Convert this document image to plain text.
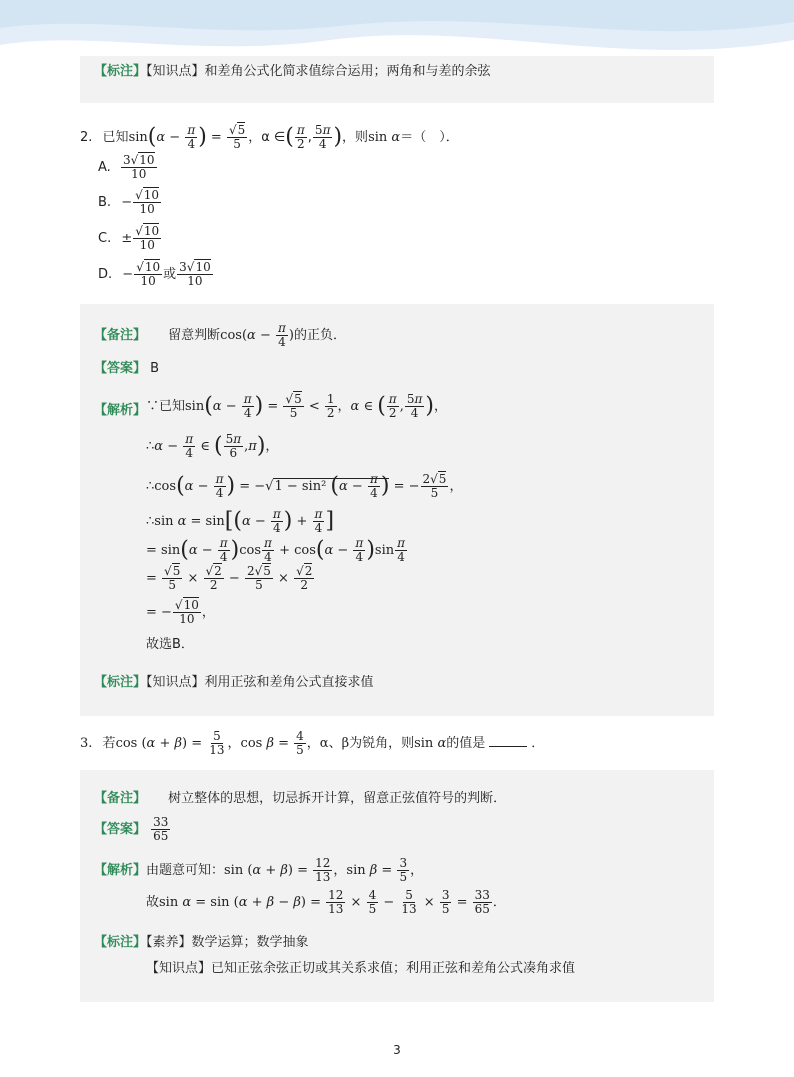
【标注】【知识点】和差角公式化简求值综合运用；两角和与差的余弦
2. 已知$\sin(\alpha - \frac{\pi}{4}$ ) = $\frac{√5}{5}$ ，α ∈( $\frac{\pi}{2}$ , $\frac{5\pi}{4}$ )，则sin α＝（　）．
A. $\frac{3√10}{10}$
B. − $\frac{√10}{10}$
C. ± $\frac{√10}{10}$
D. − $\frac{√10}{10}$ 或 $\frac{3√10}{10}$
【备注】 留意判断$\cos(\alpha - \frac{\pi}{4}$ )的正负．
【答案】 B
【解析】 ∵已知$\sin(\alpha - \frac{\pi}{4}$ ) = $\frac{√5}{5} < \frac{1}{2}$ ，α ∈ ( $\frac{\pi}{2}$ , $\frac{5\pi}{4}$ )，
∴α − $\frac{\pi}{4}$ ∈ ( $\frac{5\pi}{6} ,\pi$)，
∴cos(α − $\frac{\pi}{4}$ ) = −√1 − sin² ($\alpha - \frac{\pi}{4}$ ) = − $\frac{2√5}{5}$ ，
∴sin $\alpha = \sin[(\alpha - \frac{\pi}{4}$ ) + $\frac{\pi}{4}$ ]
= $\sin(\alpha - \frac{\pi}{4} )\cos \frac{\pi}{4} + \cos(\alpha - \frac{\pi}{4} )\sin \frac{\pi}{4}$
= $\frac{√5}{5} \times \frac{√2}{2} - \frac{2√5}{5} \times \frac{√2}{2}$
= − $\frac{√10}{10}$ ，
故选B．
【标注】【知识点】利用正弦和差角公式直接求值
3. 若$\cos (\alpha + \beta) = \frac{5}{13}$ ，$\cos \beta = \frac{4}{5}$ ，α、β为锐角，则sin α的值是	．
【备注】 树立整体的思想，切忌拆开计算，留意正弦值符号的判断．
【答案】 $\frac{33}{65}$
【解析】 由题意可知：$\sin (\alpha + \beta) = \frac{12}{13}$ ，$\sin \beta = \frac{3}{5}$ ，
故$\sin \alpha = \sin (\alpha + \beta - \beta) = \frac{12}{13} \times \frac{4}{5} - \frac{5}{13} \times \frac{3}{5} = \frac{33}{65}$ ．
【标注】【素养】数学运算；数学抽象
【知识点】已知正弦余弦正切或其关系求值；利用正弦和差角公式凑角求值
3
